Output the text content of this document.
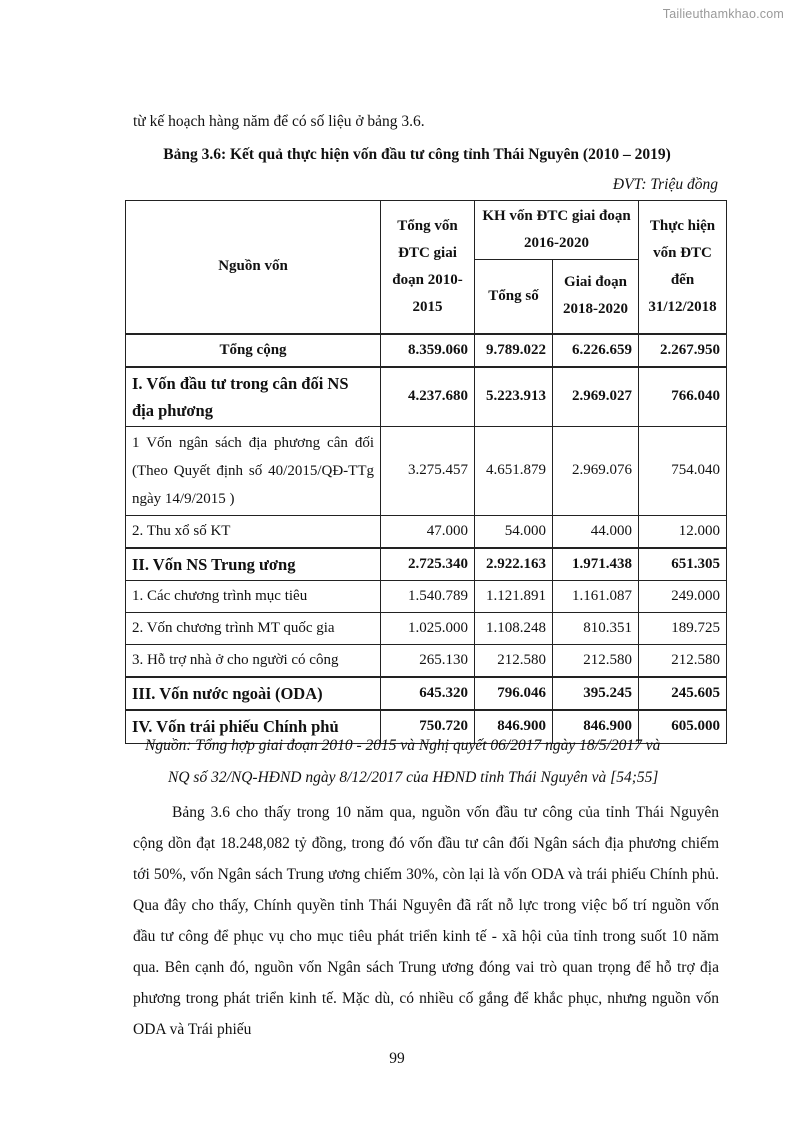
Tailieuthamkhao.com
từ kế hoạch hàng năm để có số liệu ở bảng 3.6.
Bảng 3.6: Kết quả thực hiện vốn đầu tư công tỉnh Thái Nguyên (2010 – 2019)
ĐVT: Triệu đồng
Nguồn vốn	Tổng vốn ĐTC giai đoạn 2010-2015	KH vốn ĐTC giai đoạn 2016-2020		Thực hiện vốn ĐTC đến 31/12/2018
		Tổng số	Giai đoạn 2018-2020	
Tổng cộng	8.359.060	9.789.022	6.226.659	2.267.950
I. Vốn đầu tư trong cân đối NS địa phương	4.237.680	5.223.913	2.969.027	766.040
1 Vốn ngân sách địa phương cân đối (Theo Quyết định số 40/2015/QĐ-TTg ngày 14/9/2015 )	3.275.457	4.651.879	2.969.076	754.040
2. Thu xổ số KT	47.000	54.000	44.000	12.000
II. Vốn NS Trung ương	2.725.340	2.922.163	1.971.438	651.305
1. Các chương trình mục tiêu	1.540.789	1.121.891	1.161.087	249.000
2. Vốn chương trình MT quốc gia	1.025.000	1.108.248	810.351	189.725
3. Hỗ trợ nhà ở cho người có công	265.130	212.580	212.580	212.580
III. Vốn nước ngoài (ODA)	645.320	796.046	395.245	245.605
IV. Vốn trái phiếu Chính phủ	750.720	846.900	846.900	605.000
Nguồn: Tổng hợp giai đoạn 2010 - 2015 và Nghị quyết 06/2017 ngày 18/5/2017 và
NQ số 32/NQ-HĐND ngày 8/12/2017 của HĐND tỉnh Thái Nguyên và [54;55]

Bảng 3.6 cho thấy trong 10 năm qua, nguồn vốn đầu tư công của tỉnh Thái Nguyên cộng dồn đạt 18.248,082 tỷ đồng, trong đó vốn đầu tư cân đối Ngân sách địa phương chiếm tới 50%, vốn Ngân sách Trung ương chiếm 30%, còn lại là vốn ODA và trái phiếu Chính phủ. Qua đây cho thấy, Chính quyền tỉnh Thái Nguyên đã rất nỗ lực trong việc bố trí nguồn vốn đầu tư công để phục vụ cho mục tiêu phát triển kinh tế - xã hội của tỉnh trong suốt 10 năm qua. Bên cạnh đó, nguồn vốn Ngân sách Trung ương đóng vai trò quan trọng để hỗ trợ địa phương trong phát triển kinh tế. Mặc dù, có nhiều cố gắng để khắc phục, nhưng nguồn vốn ODA và Trái phiếu

99
